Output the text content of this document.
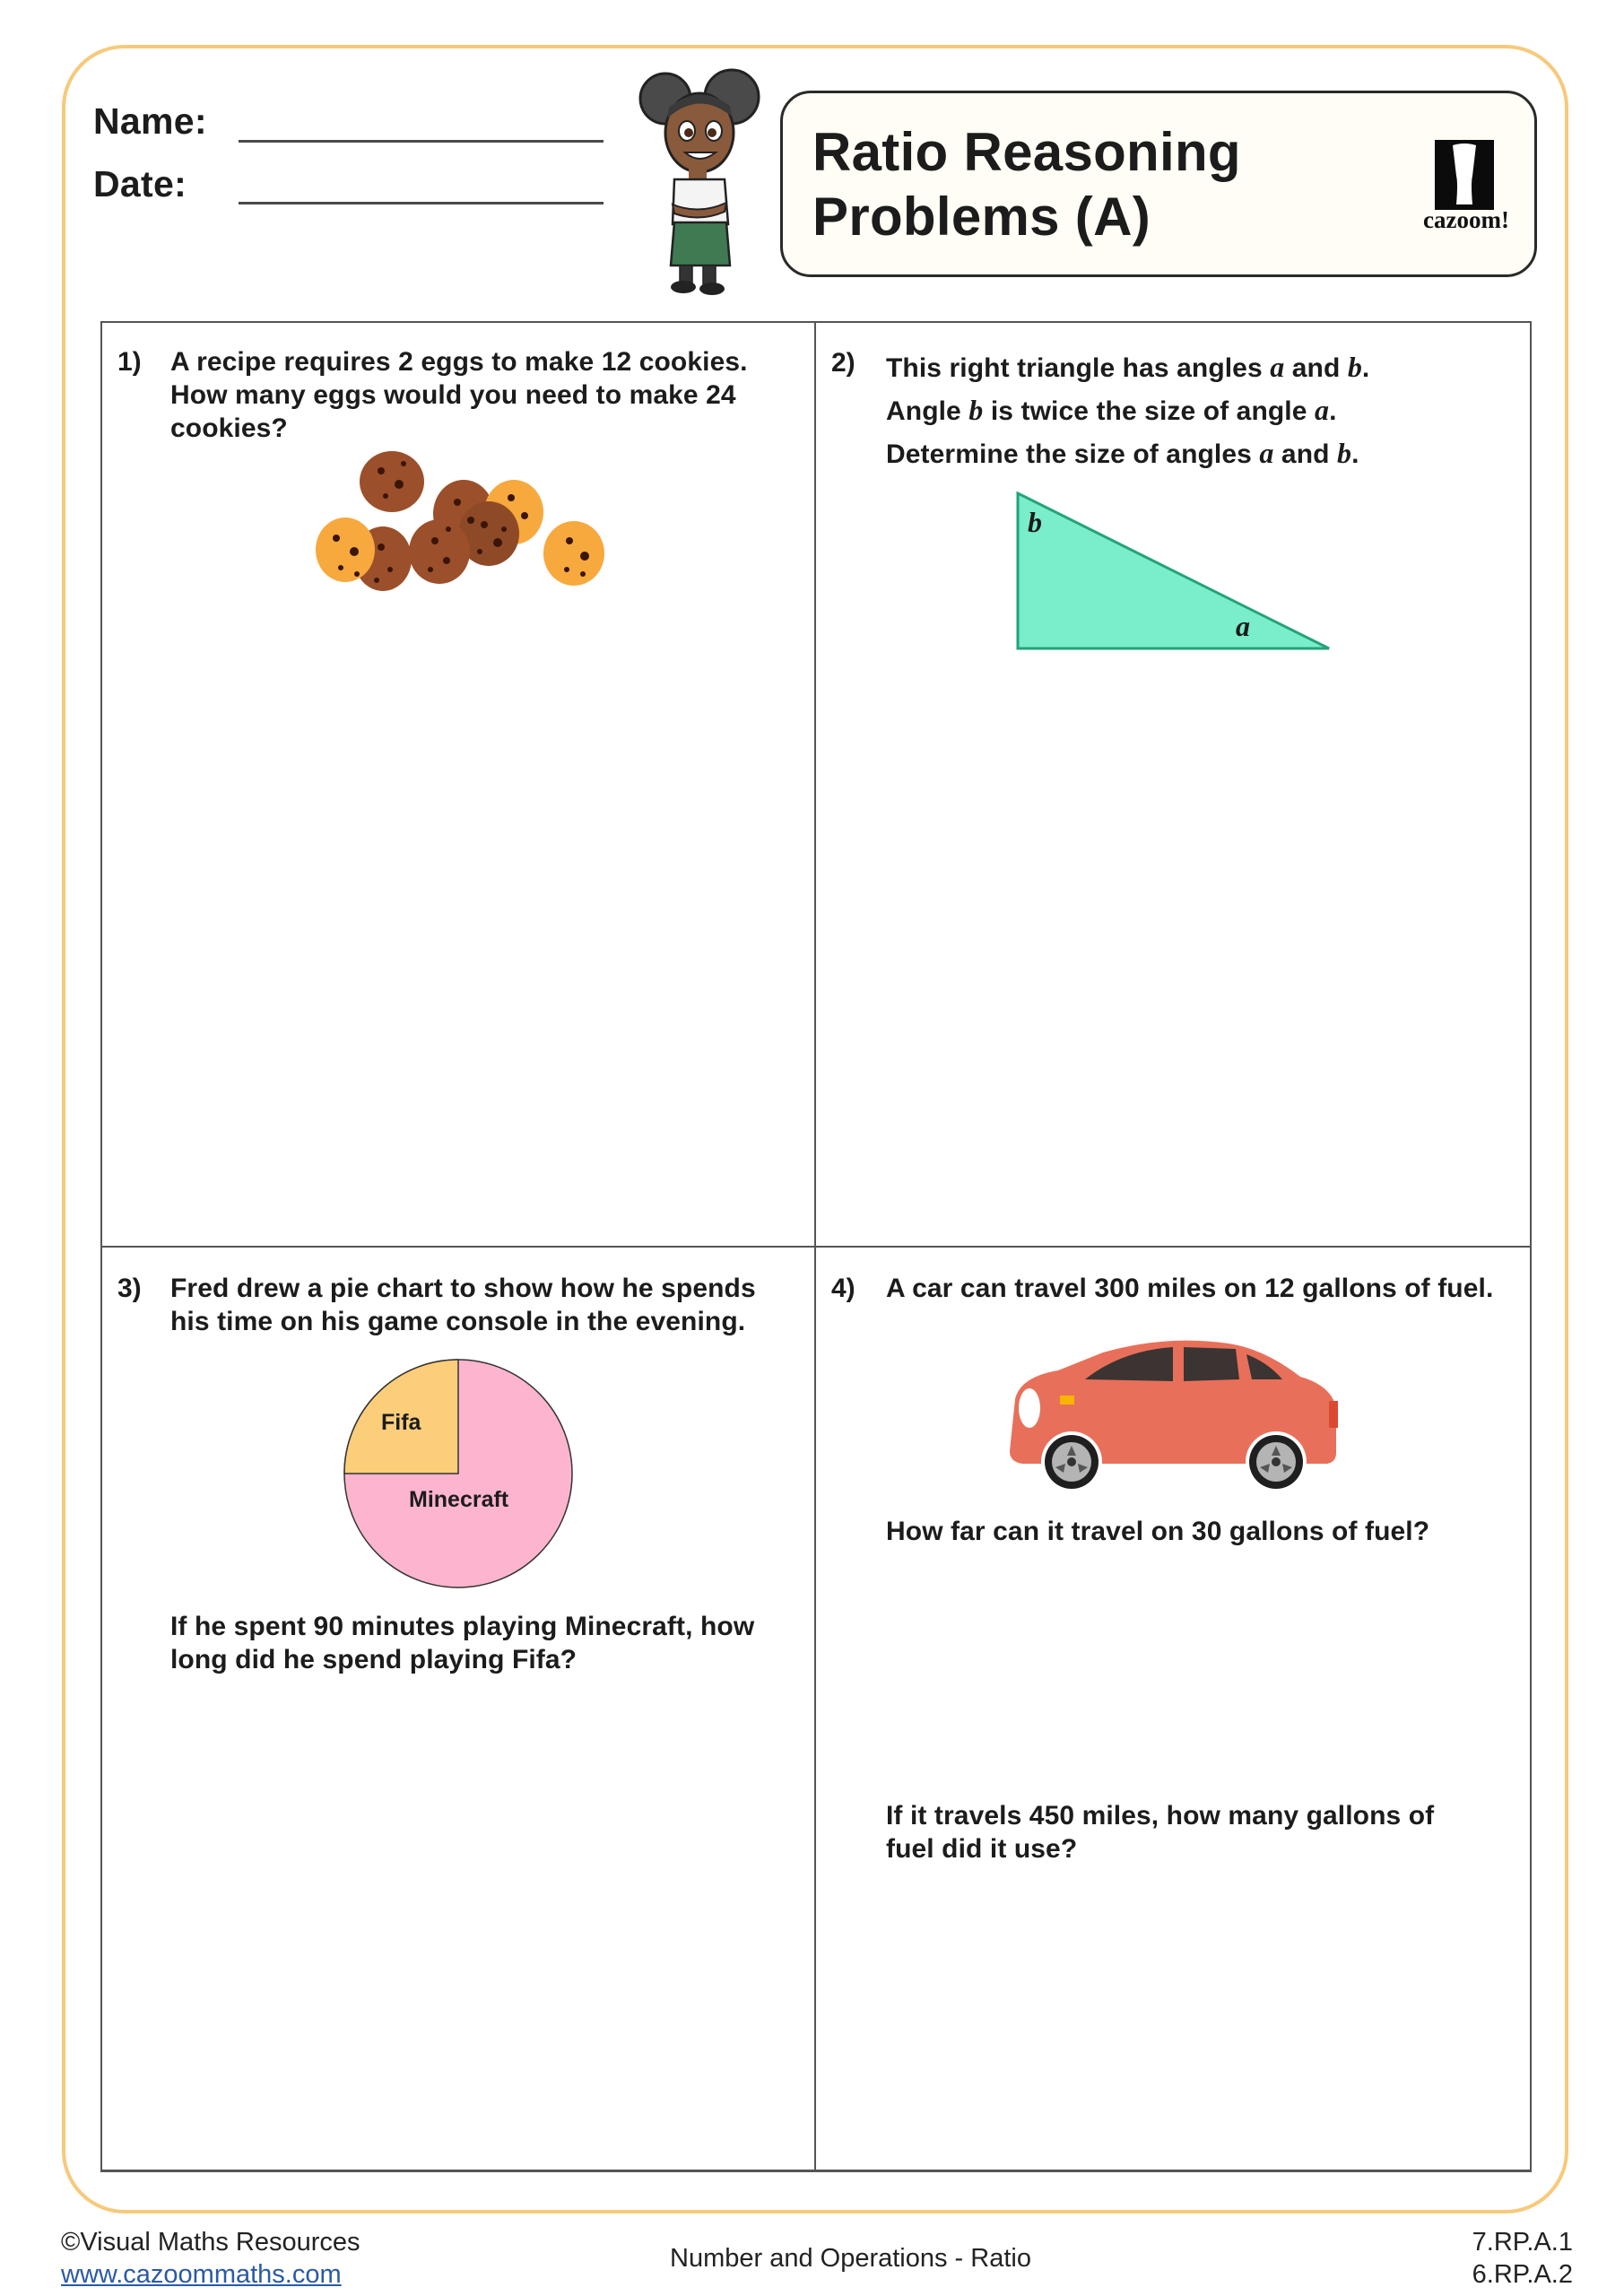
Name:
Date:
Ratio Reasoning
Problems (A)	cazoom!
1) A recipe requires 2 eggs to make 12 cookies.
How many eggs would you need to make 24
cookies?
2) This right triangle has angles a and b.
Angle b is twice the size of angle a.
Determine the size of angles a and b.
b
a
3) Fred drew a pie chart to show how he spends
his time on his game console in the evening.
Fifa
Minecraft
If he spent 90 minutes playing Minecraft, how
long did he spend playing Fifa?
4) A car can travel 300 miles on 12 gallons of fuel.
How far can it travel on 30 gallons of fuel?
If it travels 450 miles, how many gallons of
fuel did it use?
©Visual Maths Resources
www.cazoommaths.com
Number and Operations - Ratio
7.RP.A.1
6.RP.A.2
